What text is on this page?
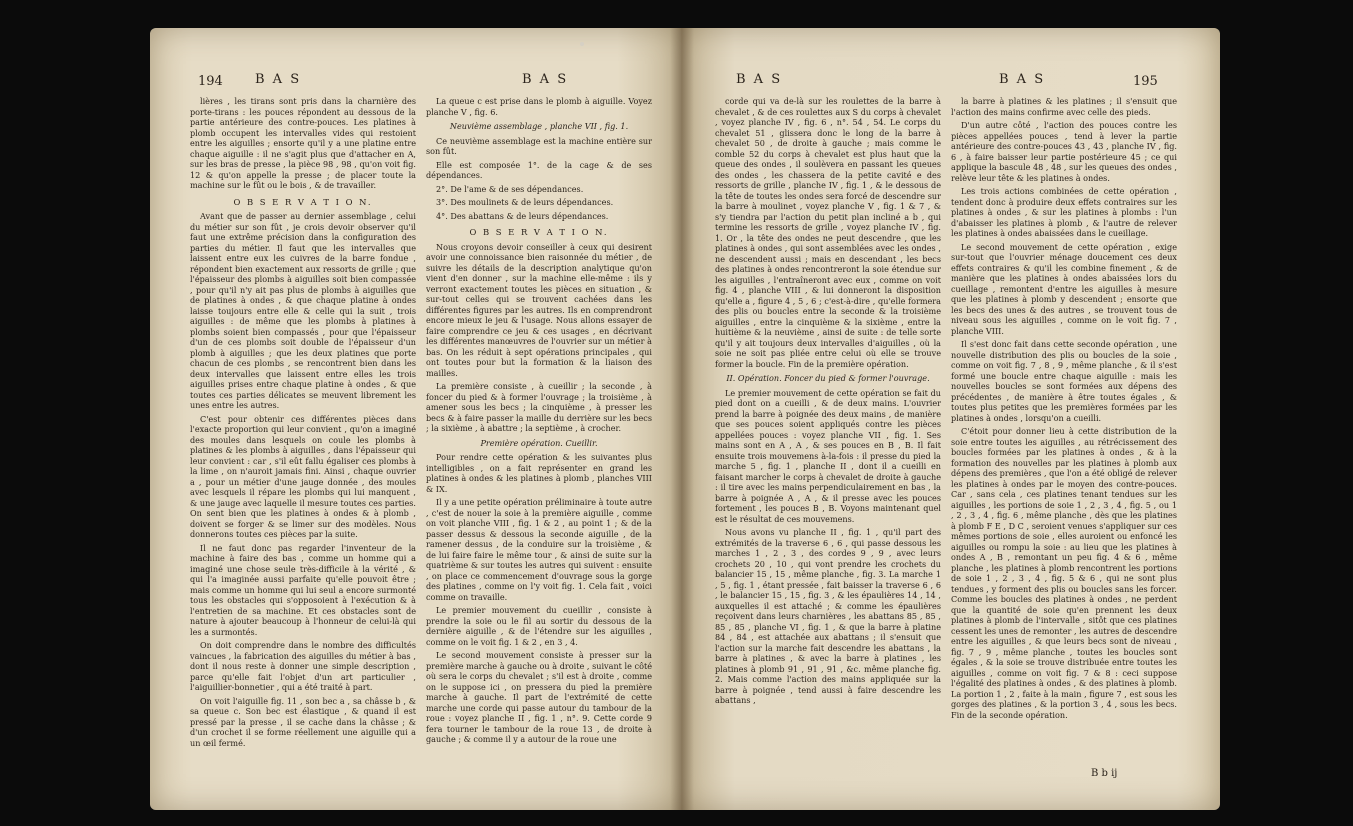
194 B A S	B A S

lières , les tirans sont pris dans la charnière des porte-tirans : les pouces répondent au dessous de la partie antérieure des contre-pouces. Les platines à plomb occupent les intervalles vides qui restoient entre les aiguilles ; ensorte qu'il y a une platine entre chaque aiguille : il ne s'agit plus que d'attacher en A, sur les bras de presse , la pièce 98 , 98 , qu'on voit fig. 12 & qu'on appelle la presse ; de placer toute la machine sur le fût ou le bois , & de travailler.

O B S E R V A T I O N.

Avant que de passer au dernier assemblage , celui du métier sur son fût , je crois devoir observer qu'il faut une extrême précision dans la configuration des parties du métier. Il faut que les intervalles que laissent entre eux les cuivres de la barre fondue , répondent bien exactement aux ressorts de grille ; que l'épaisseur des plombs à aiguilles soit bien compassée , pour qu'il n'y ait pas plus de plombs à aiguilles que de platines à ondes , & que chaque platine à ondes laisse toujours entre elle & celle qui la suit , trois aiguilles : de même que les plombs à platines à plombs soient bien compassés , pour que l'épaisseur d'un de ces plombs soit double de l'épaisseur d'un plomb à aiguilles ; que les deux platines que porte chacun de ces plombs , se rencontrent bien dans les deux intervalles que laissent entre elles les trois aiguilles prises entre chaque platine à ondes , & que toutes ces parties délicates se meuvent librement les unes entre les autres.

C'est pour obtenir ces différentes pièces dans l'exacte proportion qui leur convient , qu'on a imaginé des moules dans lesquels on coule les plombs à platines & les plombs à aiguilles , dans l'épaisseur qui leur convient : car , s'il eût fallu égaliser ces plombs à la lime , on n'auroit jamais fini. Ainsi , chaque ouvrier a , pour un métier d'une jauge donnée , des moules avec lesquels il répare les plombs qui lui manquent , & une jauge avec laquelle il mesure toutes ces parties. On sent bien que les platines à ondes & à plomb , doivent se forger & se limer sur des modèles. Nous donnerons toutes ces pièces par la suite.

Il ne faut donc pas regarder l'inventeur de la machine à faire des bas , comme un homme qui a imaginé une chose seule très-difficile à la vérité , & qui l'a imaginée aussi parfaite qu'elle pouvoit être ; mais comme un homme qui lui seul a encore surmonté tous les obstacles qui s'opposoient à l'exécution & à l'entretien de sa machine. Et ces obstacles sont de nature à ajouter beaucoup à l'honneur de celui-là qui les a surmontés.

On doit comprendre dans le nombre des difficultés vaincues , la fabrication des aiguilles du métier à bas , dont il nous reste à donner une simple description , parce qu'elle fait l'objet d'un art particulier , l'aiguillier-bonnetier , qui a été traité à part.

On voit l'aiguille fig. 11 , son bec a , sa châsse b , & sa queue c. Son bec est élastique , & quand il est pressé par la presse , il se cache dans la châsse ; & d'un crochet il se forme réellement une aiguille qui a un œil fermé.

La queue c est prise dans le plomb à aiguille. Voyez planche V , fig. 6.

Neuvième assemblage , planche VII , fig. 1.

Ce neuvième assemblage est la machine entière sur son fût.

Elle est composée 1°. de la cage & de ses dépendances.

2°. De l'ame & de ses dépendances.

3°. Des moulinets & de leurs dépendances.

4°. Des abattans & de leurs dépendances.

O B S E R V A T I O N.

Nous croyons devoir conseiller à ceux qui desirent avoir une connoissance bien raisonnée du métier , de suivre les détails de la description analytique qu'on vient d'en donner , sur la machine elle-même : ils y verront exactement toutes les pièces en situation , & sur-tout celles qui se trouvent cachées dans les différentes figures par les autres. Ils en comprendront encore mieux le jeu & l'usage. Nous allons essayer de faire comprendre ce jeu & ces usages , en décrivant les différentes manœuvres de l'ouvrier sur un métier à bas. On les réduit à sept opérations principales , qui ont toutes pour but la formation & la liaison des mailles.

La première consiste , à cueillir ; la seconde , à foncer du pied & à former l'ouvrage ; la troisième , à amener sous les becs ; la cinquième , à presser les becs & à faire passer la maille du derrière sur les becs ; la sixième , à abattre ; la septième , à crocher.

Première opération. Cueillir.

Pour rendre cette opération & les suivantes plus intelligibles , on a fait représenter en grand les platines à ondes & les platines à plomb , planches VIII & IX.

Il y a une petite opération préliminaire à toute autre , c'est de nouer la soie à la première aiguille , comme on voit planche VIII , fig. 1 & 2 , au point 1 ; & de la passer dessus & dessous la seconde aiguille , de la ramener dessus , de la conduire sur la troisième , & de lui faire faire le même tour , & ainsi de suite sur la quatrième & sur toutes les autres qui suivent : ensuite , on place ce commencement d'ouvrage sous la gorge des platines , comme on l'y voit fig. 1. Cela fait , voici comme on travaille.

Le premier mouvement du cueillir , consiste à prendre la soie ou le fil au sortir du dessous de la dernière aiguille , & de l'étendre sur les aiguilles , comme on le voit fig. 1 & 2 , en 3 , 4.

Le second mouvement consiste à presser sur la première marche à gauche ou à droite , suivant le côté où sera le corps du chevalet ; s'il est à droite , comme on le suppose ici , on pressera du pied la première marche à gauche. Il part de l'extrémité de cette marche une corde qui passe autour du tambour de la roue : voyez planche II , fig. 1 , n°. 9. Cette corde 9 fera tourner le tambour de la roue 13 , de droite à gauche ; & comme il y a autour de la roue une

B A S	B A S	195

corde qui va de-là sur les roulettes de la barre à chevalet , & de ces roulettes aux S du corps à chevalet , voyez planche IV , fig. 6 , n°. 54 , 54. Le corps du chevalet 51 , glissera donc le long de la barre à chevalet 50 , de droite à gauche ; mais comme le comble 52 du corps à chevalet est plus haut que la queue des ondes , il soulèvera en passant les queues des ondes , les chassera de la petite cavité e des ressorts de grille , planche IV , fig. 1 , & le dessous de la tête de toutes les ondes sera forcé de descendre sur la barre à moulinet , voyez planche V , fig. 1 & 7 , & s'y tiendra par l'action du petit plan incliné a b , qui termine les ressorts de grille , voyez planche IV , fig. 1. Or , la tête des ondes ne peut descendre , que les platines à ondes , qui sont assemblées avec les ondes , ne descendent aussi ; mais en descendant , les becs des platines à ondes rencontreront la soie étendue sur les aiguilles , l'entraîneront avec eux , comme on voit fig. 4 , planche VIII , & lui donneront la disposition qu'elle a , figure 4 , 5 , 6 ; c'est-à-dire , qu'elle formera des plis ou boucles entre la seconde & la troisième aiguilles , entre la cinquième & la sixième , entre la huitième & la neuvième , ainsi de suite : de telle sorte qu'il y ait toujours deux intervalles d'aiguilles , où la soie ne soit pas pliée entre celui où elle se trouve former la boucle. Fin de la première opération.

II. Opération. Foncer du pied & former l'ouvrage.

Le premier mouvement de cette opération se fait du pied dont on a cueilli , & de deux mains. L'ouvrier prend la barre à poignée des deux mains , de manière que ses pouces soient appliqués contre les pièces appellées pouces : voyez planche VII , fig. 1. Ses mains sont en A , A , & ses pouces en B , B. Il fait ensuite trois mouvemens à-la-fois : il presse du pied la marche 5 , fig. 1 , planche II , dont il a cueilli en faisant marcher le corps à chevalet de droite à gauche : il tire avec les mains perpendiculairement en bas , la barre à poignée A , A , & il presse avec les pouces fortement , les pouces B , B. Voyons maintenant quel est le résultat de ces mouvemens.

Nous avons vu planche II , fig. 1 , qu'il part des extrémités de la traverse 6 , 6 , qui passe dessous les marches 1 , 2 , 3 , des cordes 9 , 9 , avec leurs crochets 20 , 10 , qui vont prendre les crochets du balancier 15 , 15 , même planche , fig. 3. La marche 1 , 5 , fig. 1 , étant pressée , fait baisser la traverse 6 , 6 , le balancier 15 , 15 , fig. 3 , & les épaulières 14 , 14 , auxquelles il est attaché ; & comme les épaulières reçoivent dans leurs charnières , les abattans 85 , 85 , 85 , 85 , planche VI , fig. 1 , & que la barre à platine 84 , 84 , est attachée aux abattans ; il s'ensuit que l'action sur la marche fait descendre les abattans , la barre à platines , & avec la barre à platines , les platines à plomb 91 , 91 , 91 , &c. même planche fig. 2. Mais comme l'action des mains appliquée sur la barre à poignée , tend aussi à faire descendre les abattans ,

la barre à platines & les platines ; il s'ensuit que l'action des mains confirme avec celle des pieds.

D'un autre côté , l'action des pouces contre les pièces appellées pouces , tend à lever la partie antérieure des contre-pouces 43 , 43 , planche IV , fig. 6 , à faire baisser leur partie postérieure 45 ; ce qui applique la bascule 48 , 48 , sur les queues des ondes , relève leur tête & les platines à ondes.

Les trois actions combinées de cette opération , tendent donc à produire deux effets contraires sur les platines à ondes , & sur les platines à plombs : l'un d'abaisser les platines à plomb , & l'autre de relever les platines à ondes abaissées dans le cueillage.

Le second mouvement de cette opération , exige sur-tout que l'ouvrier ménage doucement ces deux effets contraires & qu'il les combine finement , & de manière que les platines à ondes abaissées lors du cueillage , remontent d'entre les aiguilles à mesure que les platines à plomb y descendent ; ensorte que les becs des unes & des autres , se trouvent tous de niveau sous les aiguilles , comme on le voit fig. 7 , planche VIII.

Il s'est donc fait dans cette seconde opération , une nouvelle distribution des plis ou boucles de la soie , comme on voit fig. 7 , 8 , 9 , même planche , & il s'est formé une boucle entre chaque aiguille : mais les nouvelles boucles se sont formées aux dépens des précédentes , de manière à être toutes égales , & toutes plus petites que les premières formées par les platines à ondes , lorsqu'on a cueilli.

C'étoit pour donner lieu à cette distribution de la soie entre toutes les aiguilles , au rétrécissement des boucles formées par les platines à ondes , & à la formation des nouvelles par les platines à plomb aux dépens des premières , que l'on a été obligé de relever les platines à ondes par le moyen des contre-pouces. Car , sans cela , ces platines tenant tendues sur les aiguilles , les portions de soie 1 , 2 , 3 , 4 , fig. 5 , ou 1 , 2 , 3 , 4 , fig. 6 , même planche , dès que les platines à plomb F E , D C , seroient venues s'appliquer sur ces mêmes portions de soie , elles auroient ou enfoncé les aiguilles ou rompu la soie : au lieu que les platines à ondes A , B , remontant un peu fig. 4 & 6 , même planche , les platines à plomb rencontrent les portions de soie 1 , 2 , 3 , 4 , fig. 5 & 6 , qui ne sont plus tendues , y forment des plis ou boucles sans les forcer. Comme les boucles des platines à ondes , ne perdent que la quantité de soie qu'en prennent les deux platines à plomb de l'intervalle , sitôt que ces platines cessent les unes de remonter , les autres de descendre entre les aiguilles , & que leurs becs sont de niveau , fig. 7 , 9 , même planche , toutes les boucles sont égales , & la soie se trouve distribuée entre toutes les aiguilles , comme on voit fig. 7 & 8 : ceci suppose l'égalité des platines à ondes , & des platines à plomb. La portion 1 , 2 , faite à la main , figure 7 , est sous les gorges des platines , & la portion 3 , 4 , sous les becs. Fin de la seconde opération.

B b ij
